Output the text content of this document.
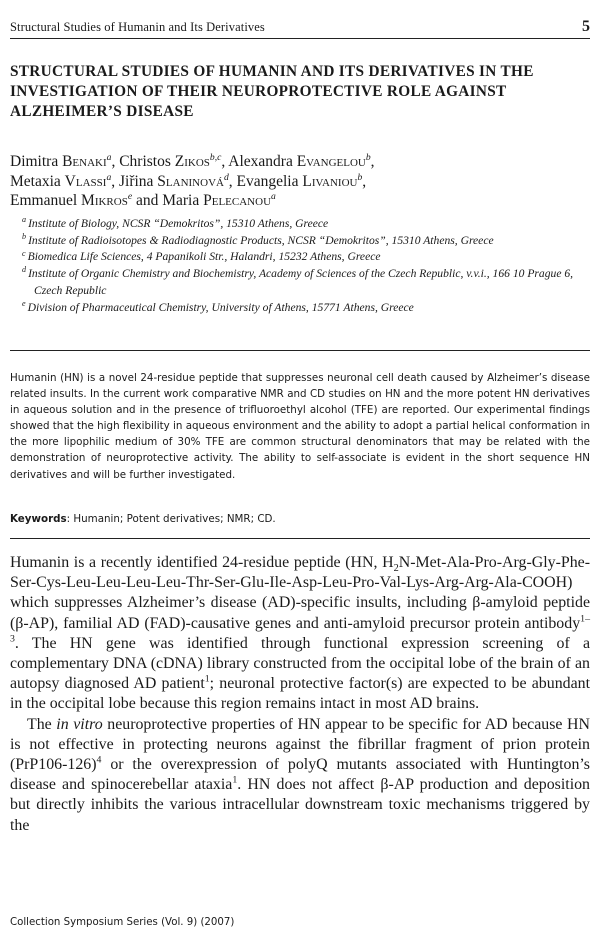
Structural Studies of Humanin and Its Derivatives	5
STRUCTURAL STUDIES OF HUMANIN AND ITS DERIVATIVES IN THE INVESTIGATION OF THEIR NEUROPROTECTIVE ROLE AGAINST ALZHEIMER’S DISEASE
Dimitra Benaki$^a$, Christos Zikos$^{b,c}$, Alexandra Evangelou$^b$,
Metaxia Vlassi$^a$, Jiřina Slaninová$^d$, Evangelia Livaniou$^b$,
Emmanuel Mikros$^e$ and Maria Pelecanou$^a$
$^a$ Institute of Biology, NCSR “Demokritos”, 15310 Athens, Greece
$^b$ Institute of Radioisotopes & Radiodiagnostic Products, NCSR “Demokritos”, 15310 Athens, Greece
$^c$ Biomedica Life Sciences, 4 Papanikoli Str., Halandri, 15232 Athens, Greece
$^d$ Institute of Organic Chemistry and Biochemistry, Academy of Sciences of the Czech Republic, v.v.i., 166 10 Prague 6, Czech Republic
$^e$ Division of Pharmaceutical Chemistry, University of Athens, 15771 Athens, Greece
Humanin (HN) is a novel 24-residue peptide that suppresses neuronal cell death caused by Alzheimer’s disease related insults. In the current work comparative NMR and CD studies on HN and the more potent HN derivatives in aqueous solution and in the presence of trifluoroethyl alcohol (TFE) are reported. Our experimental findings showed that the high flexibility in aqueous environment and the ability to adopt a partial helical conformation in the more lipophilic medium of 30% TFE are common structural denominators that may be related with the demonstration of neuroprotective activity. The ability to self-associate is evident in the short sequence HN derivatives and will be further investigated.
Keywords: Humanin; Potent derivatives; NMR; CD.

Humanin is a recently identified 24-residue peptide (HN, $H_2N-Met-Ala-Pro-Arg-Gly-Phe-Ser-Cys-Leu-Leu-Leu-Leu-Thr-Ser-Glu-Ile-Asp-Leu-Pro-Val-Lys-Arg-Arg-Ala-COOH$) which suppresses Alzheimer’s disease (AD)-specific insults, including β-amyloid peptide (β-AP), familial AD (FAD)-causative genes and anti-amyloid precursor protein antibody$^{1-3}$. The HN gene was identified through functional expression screening of a complementary DNA (cDNA) library constructed from the occipital lobe of the brain of an autopsy diagnosed AD patient$^1$; neuronal protective factor(s) are expected to be abundant in the occipital lobe because this region remains intact in most AD brains.

The in vitro neuroprotective properties of HN appear to be specific for AD because HN is not effective in protecting neurons against the fibrillar fragment of prion protein $(PrP106-126)^4$ or the overexpression of polyQ mutants associated with Huntington’s disease and spinocerebellar ataxia$^1$. HN does not affect β-AP production and deposition but directly inhibits the various intracellular downstream toxic mechanisms triggered by the

Collection Symposium Series (Vol. 9) (2007)
